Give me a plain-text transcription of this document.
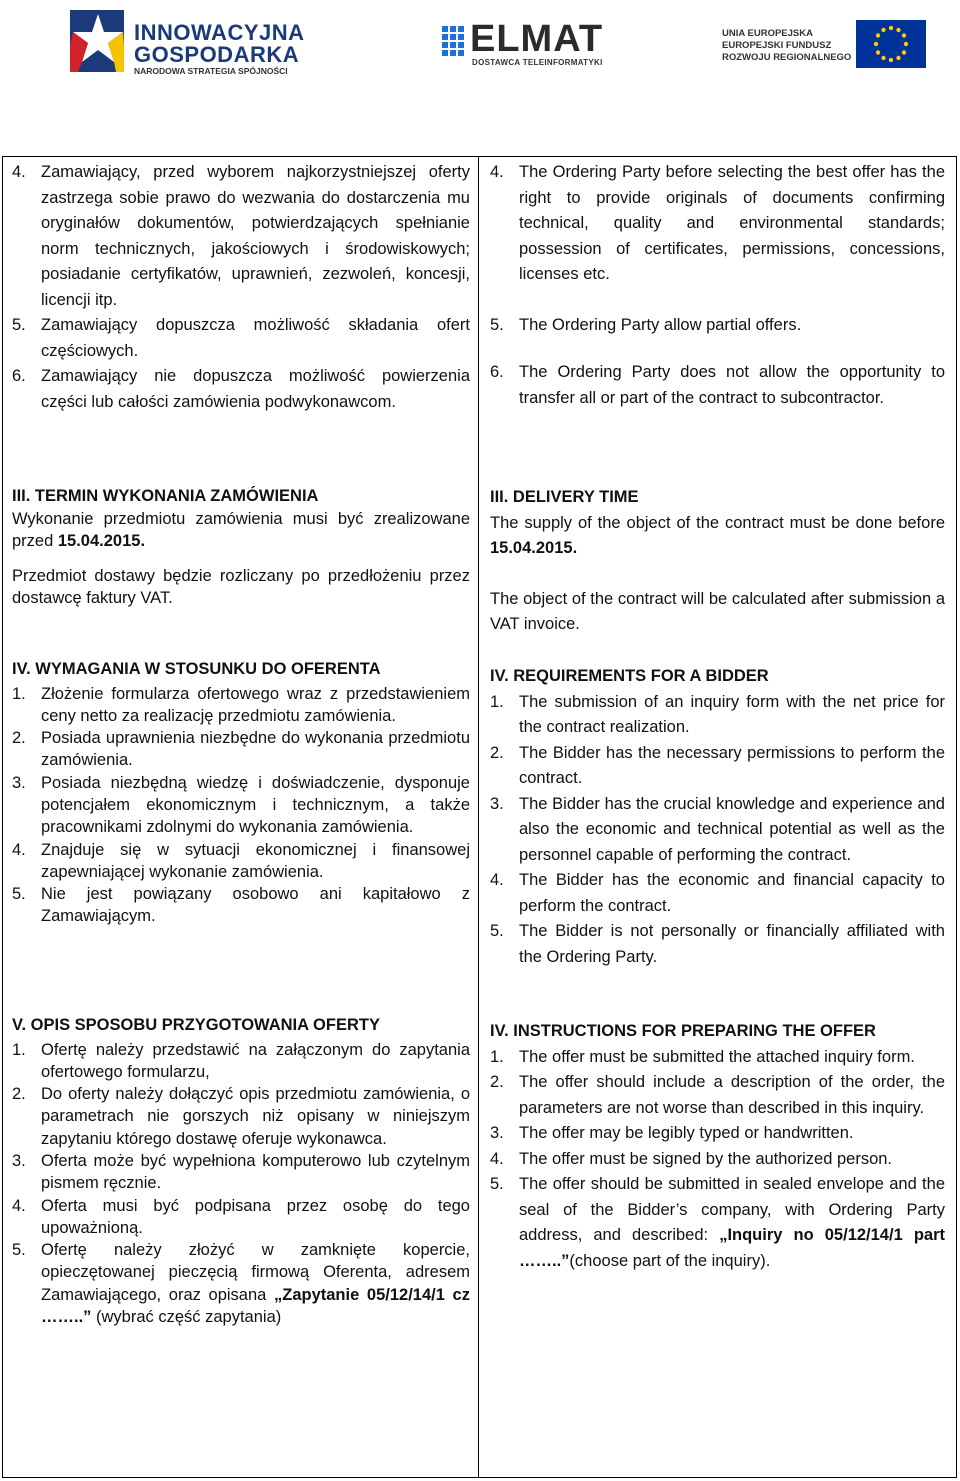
INNOWACYJNA
GOSPODARKA
NARODOWA STRATEGIA SPÓJNOŚCI
ELMAT
DOSTAWCA TELEINFORMATYKI
UNIA EUROPEJSKA
EUROPEJSKI FUNDUSZ
ROZWOJU REGIONALNEGO
4. Zamawiający, przed wyborem najkorzystniejszej oferty zastrzega sobie prawo do wezwania do dostarczenia mu oryginałów dokumentów, potwierdzających spełnianie norm technicznych, jakościowych i środowiskowych; posiadanie certyfikatów, uprawnień, zezwoleń, koncesji, licencji itp.
5. Zamawiający dopuszcza możliwość składania ofert częściowych.
6. Zamawiający nie dopuszcza możliwość powierzenia części lub całości zamówienia podwykonawcom.
III. TERMIN WYKONANIA ZAMÓWIENIA
Wykonanie przedmiotu zamówienia musi być zrealizowane przed 15.04.2015.
Przedmiot dostawy będzie rozliczany po przedłożeniu przez dostawcę faktury VAT.
IV. WYMAGANIA W STOSUNKU DO OFERENTA
1. Złożenie formularza ofertowego wraz z przedstawieniem ceny netto za realizację przedmiotu zamówienia.
2. Posiada uprawnienia niezbędne do wykonania przedmiotu zamówienia.
3. Posiada niezbędną wiedzę i doświadczenie, dysponuje potencjałem ekonomicznym i technicznym, a także pracownikami zdolnymi do wykonania zamówienia.
4. Znajduje się w sytuacji ekonomicznej i finansowej zapewniającej wykonanie zamówienia.
5. Nie jest powiązany osobowo ani kapitałowo z Zamawiającym.
V. OPIS SPOSOBU PRZYGOTOWANIA OFERTY
1. Ofertę należy przedstawić na załączonym do zapytania ofertowego formularzu,
2. Do oferty należy dołączyć opis przedmiotu zamówienia, o parametrach nie gorszych niż opisany w niniejszym zapytaniu którego dostawę oferuje wykonawca.
3. Oferta może być wypełniona komputerowo lub czytelnym pismem ręcznie.
4. Oferta musi być podpisana przez osobę do tego upoważnioną.
5. Ofertę należy złożyć w zamknięte kopercie, opieczętowanej pieczęcią firmową Oferenta, adresem Zamawiającego, oraz opisana „Zapytanie 05/12/14/1 cz ……..” (wybrać część zapytania)
4. The Ordering Party before selecting the best offer has the right to provide originals of documents confirming technical, quality and environmental standards; possession of certificates, permissions, concessions, licenses etc.
5. The Ordering Party allow partial offers.
6. The Ordering Party does not allow the opportunity to transfer all or part of the contract to subcontractor.
III. DELIVERY TIME
The supply of the object of the contract must be done before 15.04.2015.
The object of the contract will be calculated after submission a VAT invoice.
IV. REQUIREMENTS FOR A BIDDER
1. The submission of an inquiry form with the net price for the contract realization.
2. The Bidder has the necessary permissions to perform the contract.
3. The Bidder has the crucial knowledge and experience and also the economic and technical potential as well as the personnel capable of performing the contract.
4. The Bidder has the economic and financial capacity to perform the contract.
5. The Bidder is not personally or financially affiliated with the Ordering Party.
IV. INSTRUCTIONS FOR PREPARING THE OFFER
1. The offer must be submitted the attached inquiry form.
2. The offer should include a description of the order, the parameters are not worse than described in this inquiry.
3. The offer may be legibly typed or handwritten.
4. The offer must be signed by the authorized person.
5. The offer should be submitted in sealed envelope and the seal of the Bidder’s company, with Ordering Party address, and described: „Inquiry no 05/12/14/1 part ……..”(choose part of the inquiry).
